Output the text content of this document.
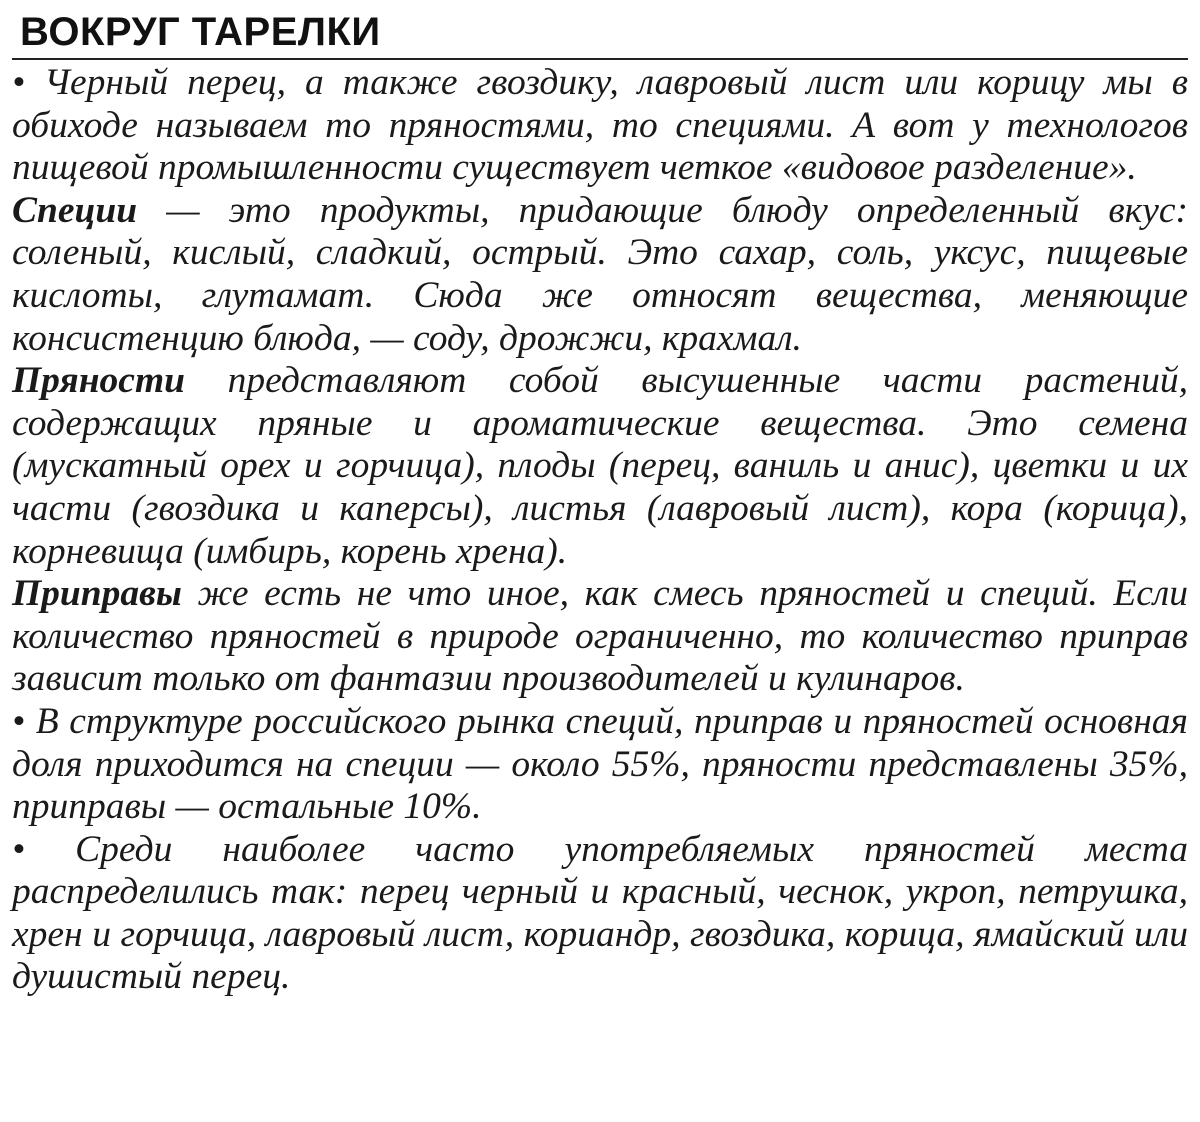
ВОКРУГ ТАРЕЛКИ

• Черный перец, а также гвоздику, лавровый лист или корицу мы в обиходе называем то пряностями, то специями. А вот у технологов пищевой промышленности существует четкое «видовое разделение».

Специи — это продукты, придающие блюду определенный вкус: соленый, кислый, сладкий, острый. Это сахар, соль, уксус, пищевые кислоты, глутамат. Сюда же относят вещества, меняющие консистенцию блюда, — соду, дрожжи, крахмал.

Пряности представляют собой высушенные части растений, содержащих пряные и ароматические вещества. Это семена (мускатный орех и горчица), плоды (перец, ваниль и анис), цветки и их части (гвоздика и каперсы), листья (лавровый лист), кора (корица), корневища (имбирь, корень хрена).

Приправы же есть не что иное, как смесь пряностей и специй. Если количество пряностей в природе ограниченно, то количество приправ зависит только от фантазии производителей и кулинаров.

• В структуре российского рынка специй, приправ и пряностей основная доля приходится на специи — около 55%, пряности представлены 35%, приправы — остальные 10%.

• Среди наиболее часто употребляемых пряностей места распределились так: перец черный и красный, чеснок, укроп, петрушка, хрен и горчица, лавровый лист, кориандр, гвоздика, корица, ямайский или душистый перец.
